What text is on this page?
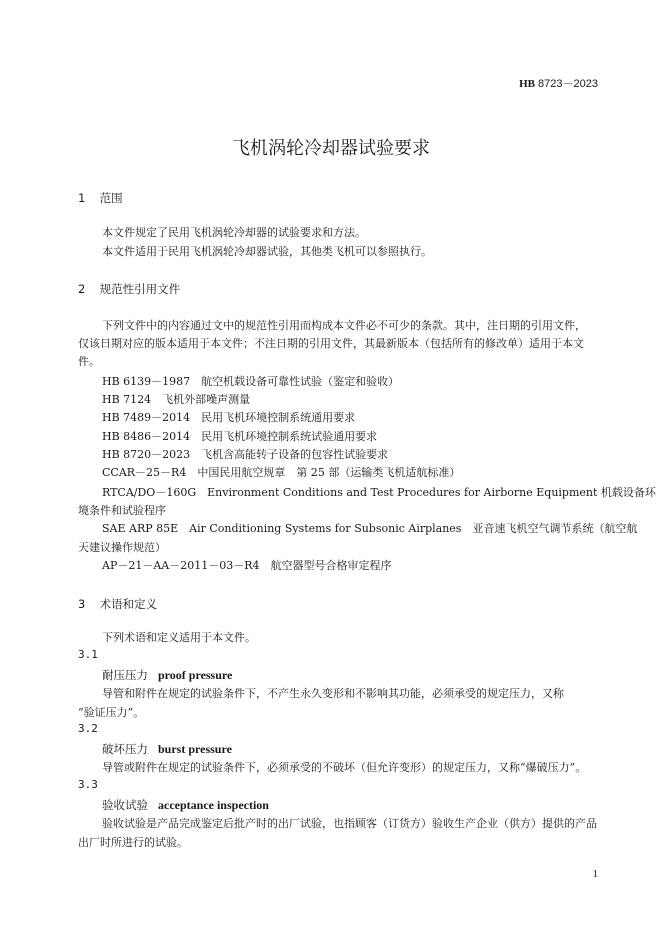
HB 8723－2023
飞机涡轮冷却器试验要求
1 范围
本文件规定了民用飞机涡轮冷却器的试验要求和方法。
本文件适用于民用飞机涡轮冷却器试验，其他类飞机可以参照执行。
2 规范性引用文件
下列文件中的内容通过文中的规范性引用而构成本文件必不可少的条款。其中，注日期的引用文件，
仅该日期对应的版本适用于本文件；不注日期的引用文件，其最新版本（包括所有的修改单）适用于本文
件。
HB 6139－1987　航空机载设备可靠性试验（鉴定和验收）
HB 7124　飞机外部噪声测量
HB 7489－2014　民用飞机环境控制系统通用要求
HB 8486－2014　民用飞机环境控制系统试验通用要求
HB 8720－2023　飞机含高能转子设备的包容性试验要求
CCAR－25－R4　中国民用航空规章　第 25 部（运输类飞机适航标准）
RTCA/DO－160G　Environment Conditions and Test Procedures for Airborne Equipment 机载设备环
境条件和试验程序
SAE ARP 85E　Air Conditioning Systems for Subsonic Airplanes　亚音速飞机空气调节系统（航空航
天建议操作规范）
AP－21－AA－2011－03－R4　航空器型号合格审定程序
3 术语和定义
下列术语和定义适用于本文件。
3.1
耐压压力 proof pressure
导管和附件在规定的试验条件下，不产生永久变形和不影响其功能，必须承受的规定压力，又称
“验证压力”。
3.2
破坏压力 burst pressure
导管或附件在规定的试验条件下，必须承受的不破坏（但允许变形）的规定压力，又称“爆破压力”。
3.3
验收试验 acceptance inspection
验收试验是产品完成鉴定后批产时的出厂试验，也指顾客（订货方）验收生产企业（供方）提供的产品
出厂时所进行的试验。
1
